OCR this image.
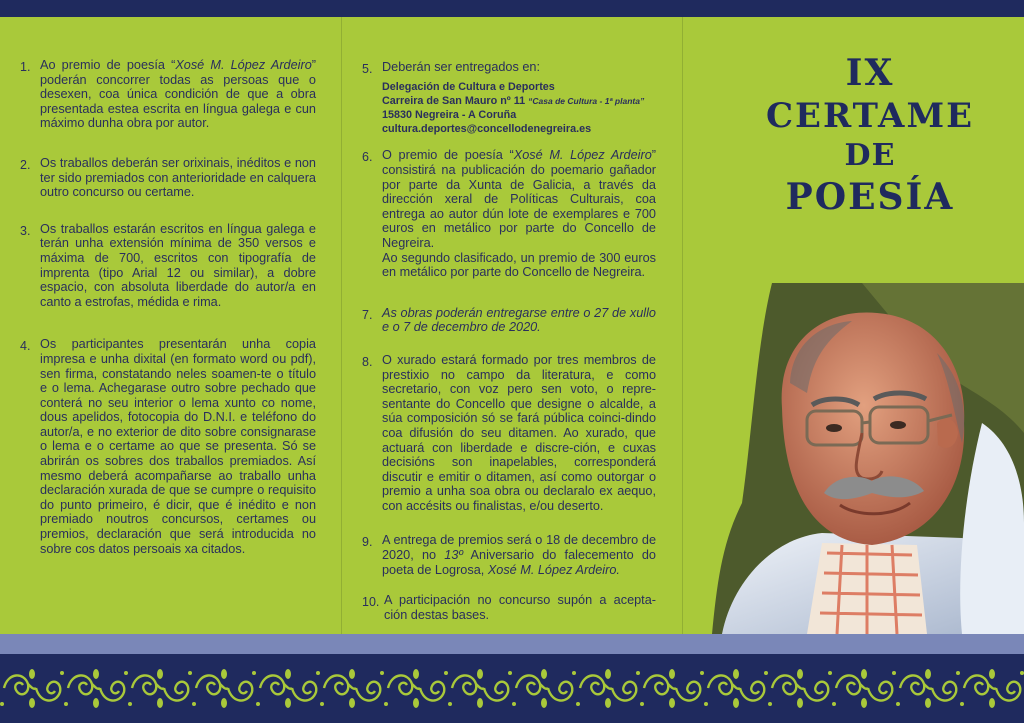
1. Ao premio de poesía “Xosé M. López Ardeiro” poderán concorrer todas as persoas que o desexen, coa única condición de que a obra presentada estea escrita en língua galega e cun máximo dunha obra por autor.

2. Os traballos deberán ser orixinais, inéditos e non ter sido premiados con anterioridade en calquera outro concurso ou certame.

3. Os traballos estarán escritos en língua galega e terán unha extensión mínima de 350 versos e máxima de 700, escritos con tipografía de imprenta (tipo Arial 12 ou similar), a dobre espacio, con absoluta liberdade do autor/a en canto a estrofas, médida e rima.

4. Os participantes presentarán unha copia impresa e unha dixital (en formato word ou pdf), sen firma, constatando neles soamen-te o título e o lema. Achegarase outro sobre pechado que conterá no seu interior o lema xunto co nome, dous apelidos, fotocopia do D.N.I. e teléfono do autor/a, e no exterior de dito sobre consignarase o lema e o certame ao que se presenta. Só se abrirán os sobres dos traballos premiados. Así mesmo deberá acompañarse ao traballo unha declaración xurada de que se cumpre o requisito do punto primeiro, é dicir, que é inédito e non premiado noutros concursos, certames ou premios, declaración que será introducida no sobre cos datos persoais xa citados.

5. Deberán ser entregados en:

Delegación de Cultura e Deportes
Carreira de San Mauro nº 11 “Casa de Cultura - 1ª planta”
15830 Negreira - A Coruña
cultura.deportes@concellodenegreira.es
6. O premio de poesía “Xosé M. López Ardeiro” consistirá na publicación do poemario gañador por parte da Xunta de Galicia, a través da dirección xeral de Políticas Culturais, coa entrega ao autor dún lote de exemplares e 700 euros en metálico por parte do Concello de Negreira.

Ao segundo clasificado, un premio de 300 euros en metálico por parte do Concello de Negreira.

7. As obras poderán entregarse entre o 27 de xullo e o 7 de decembro de 2020.

8. O xurado estará formado por tres membros de prestixio no campo da literatura, e como secretario, con voz pero sen voto, o repre-sentante do Concello que designe o alcalde, a súa composición só se fará pública coinci-dindo coa difusión do seu ditamen. Ao xurado, que actuará con liberdade e discre-ción, e cuxas decisións son inapelables, corresponderá discutir e emitir o ditamen, así como outorgar o premio a unha soa obra ou declaralo ex aequo, con accésits ou finalistas, e/ou deserto.

9. A entrega de premios será o 18 de decembro de 2020, no 13º Aniversario do falecemento do poeta de Logrosa, Xosé M. López Ardeiro.

10. A participación no concurso supón a acepta-ción destas bases.

IX
CERTAME
DE
POESÍA
